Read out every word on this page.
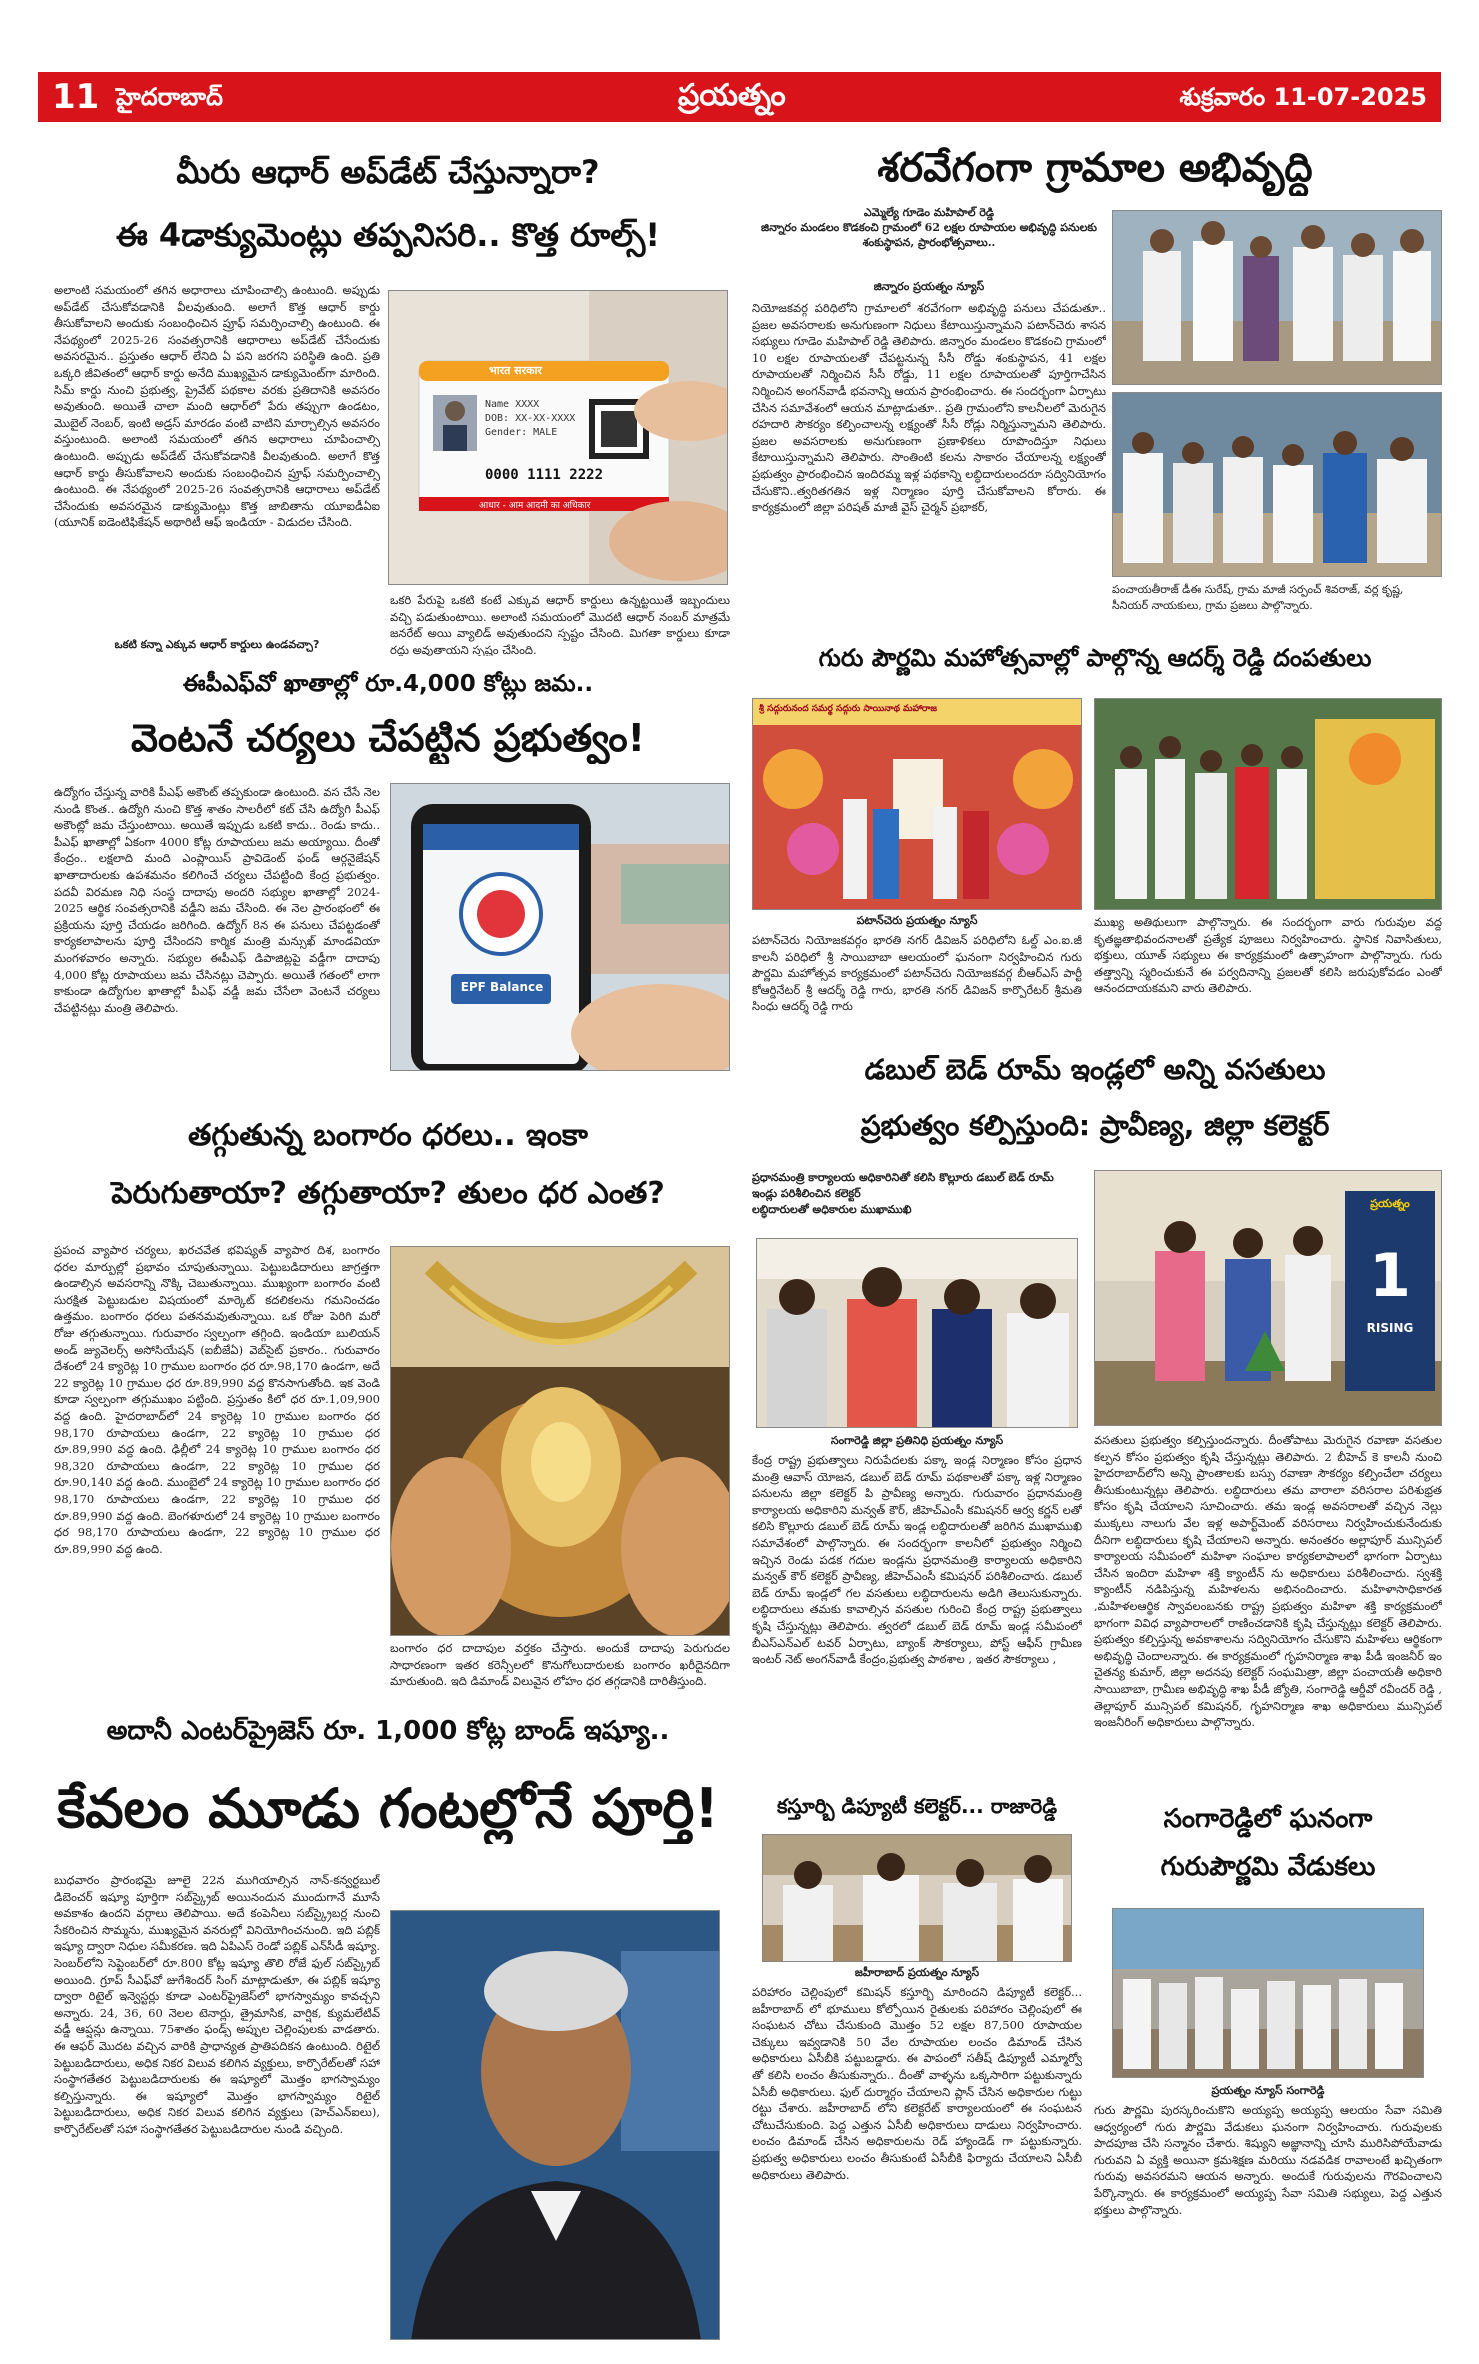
11 హైదరాబాద్	ప్రయత్నం	శుక్రవారం 11-07-2025
మీరు ఆధార్ అప్‌డేట్ చేస్తున్నారా?
ఈ 4డాక్యుమెంట్లు తప్పనిసరి.. కొత్త రూల్స్!
అలాంటి సమయంలో తగిన అధారాలు చూపించాల్సి ఉంటుంది. అప్పుడు అప్‌డేట్ చేసుకోవడానికి వీలవుతుంది. అలాగే కొత్త ఆధార్ కార్డు తీసుకోవాలని అందుకు సంబంధించిన ప్రూఫ్ సమర్పించాల్సి ఉంటుంది. ఈ నేపథ్యంలో 2025-26 సంవత్సరానికి ఆధారాలు అప్‌డేట్ చేసేందుకు అవసరమైన.. ప్రస్తుతం ఆధార్ లేనిది ఏ పని జరగని పరిస్థితి ఉంది. ప్రతి ఒక్కరి జీవితంలో ఆధార్ కార్డు అనేది ముఖ్యమైన డాక్యుమెంట్‌గా మారింది. సిమ్ కార్డు నుంచి ప్రభుత్వ, ప్రైవేట్ పథకాల వరకు ప్రతిదానికి అవసరం అవుతుంది. అయితే చాలా మంది ఆధార్‌లో పేరు తప్పుగా ఉండటం, మొబైల్ నెంబర్, ఇంటి అడ్రస్ మారడం వంటి వాటిని మార్చాల్సిన అవసరం వస్తుంటుంది. అలాంటి సమయంలో తగిన అధారాలు చూపించాల్సి ఉంటుంది. అప్పుడు అప్‌డేట్ చేసుకోవడానికి వీలవుతుంది. అలాగే కొత్త ఆధార్ కార్డు తీసుకోవాలని అందుకు సంబంధించిన ప్రూఫ్ సమర్పించాల్సి ఉంటుంది. ఈ నేపథ్యంలో 2025-26 సంవత్సరానికి ఆధారాలు అప్‌డేట్ చేసేందుకు అవసరమైన డాక్యుమెంట్లు కొత్త జాబితాను యూఐడీఏఐ (యూనిక్ ఐడెంటిఫికేషన్ అథారిటీ ఆఫ్ ఇండియా - విడుదల చేసింది.
ఒకటి కన్నా ఎక్కువ ఆధార్ కార్డులు ఉండవచ్చా?
भारत सरकार
Name XXXX
DOB: XX-XX-XXXX
Gender: MALE
0000 1111 2222
आधार - आम आदमी का अधिकार
ఒకరి పేరుపై ఒకటి కంటే ఎక్కువ ఆధార్ కార్డులు ఉన్నట్టయితే ఇబ్బందులు వచ్చి పడుతుంటాయి. అలాంటి సమయంలో మొదటి ఆధార్ నంబర్ మాత్రమే జనరేట్ అయి వ్యాలిడ్ అవుతుందని స్పష్టం చేసింది. మిగతా కార్డులు కూడా రద్దు అవుతాయని స్పష్టం చేసింది.
ఈపీఎఫ్‌వో ఖాతాల్లో రూ.4,000 కోట్లు జమ..
వెంటనే చర్యలు చేపట్టిన ప్రభుత్వం!
ఉద్యోగం చేస్తున్న వారికి పీఎఫ్ అకౌంట్ తప్పకుండా ఉంటుంది. వస చేసే నెల నుండి కొంత.. ఉద్యోగి నుంచి కొత్త శాతం సాలరీలో కట్ చేసి ఉద్యోగి పీఎఫ్ అకౌంట్లో జమ చేస్తుంటాయి. అయితే ఇప్పుడు ఒకటి కాదు.. రెండు కాదు.. పీఎఫ్ ఖాతాల్లో ఏకంగా 4000 కోట్ల రూపాయలు జమ అయ్యాయి. దీంతో కేంద్రం.. లక్షలాది మంది ఎంప్లాయిస్ ప్రావిడెంట్ ఫండ్ ఆర్గనైజేషన్ ఖాతాదారులకు ఉపశమనం కలిగించే చర్యలు చేపట్టింది కేంద్ర ప్రభుత్వం. పదవీ విరమణ నిధి సంస్థ దాదాపు అందరి సభ్యుల ఖాతాల్లో 2024-2025 ఆర్థిక సంవత్సరానికి వడ్డీని జమ చేసింది. ఈ నెల ప్రారంభంలో ఈ ప్రక్రియను పూర్తి చేయడం జరిగింది. ఉద్యోగ్ 8న ఈ పనులు చేపట్టడంతో కార్యకలాపాలను పూర్తి చేసిందని కార్మిక మంత్రి మన్సుఖ్ మాండవియా మంగళవారం అన్నారు. సభ్యుల ఈపీఎఫ్ డిపాజిట్లపై వడ్డీగా దాదాపు 4,000 కోట్ల రూపాయలు జమ చేసినట్లు చెప్పారు. అయితే గతంలో లాగా కాకుండా ఉద్యోగుల ఖాతాల్లో పీఎఫ్ వడ్డీ జమ చేసేలా వెంటనే చర్యలు చేపట్టినట్లు మంత్రి తెలిపారు.
EPF Balance
తగ్గుతున్న బంగారం ధరలు.. ఇంకా
పెరుగుతాయా? తగ్గుతాయా? తులం ధర ఎంత?
ప్రపంచ వ్యాపార చర్యలు, ఖరచవేత భవిష్యత్ వ్యాపార దిశ, బంగారం ధరల మార్పుల్లో ప్రభావం చూపుతున్నాయి. పెట్టుబడిదారులు జాగ్రత్తగా ఉండాల్సిన అవసరాన్ని నొక్కి చెబుతున్నాయి. ముఖ్యంగా బంగారం వంటి సురక్షిత పెట్టుబడుల విషయంలో మార్కెట్ కదలికలను గమనించడం ఉత్తమం. బంగారం ధరలు పతనమవుతున్నాయి. ఒక రోజు పెరిగి మరో రోజు తగ్గుతున్నాయి. గురువారం స్వల్పంగా తగ్గింది. ఇండియా బులియన్ అండ్ జ్యువెలర్స్ అసోసియేషన్ (ఐబీజేఏ) వెబ్‌సైట్ ప్రకారం.. గురువారం దేశంలో 24 క్యారెట్ల 10 గ్రాముల బంగారం ధర రూ.98,170 ఉండగా, అదే 22 క్యారెట్ల 10 గ్రాముల ధర రూ.89,990 వద్ద కొనసాగుతోంది. ఇక వెండి కూడా స్వల్పంగా తగ్గుముఖం పట్టింది. ప్రస్తుతం కిలో ధర రూ.1,09,900 వద్ద ఉంది. హైదరాబాద్‌లో 24 క్యారెట్ల 10 గ్రాముల బంగారం ధర 98,170 రూపాయలు ఉండగా, 22 క్యారెట్ల 10 గ్రాముల ధర రూ.89,990 వద్ద ఉంది. ఢిల్లీలో 24 క్యారెట్ల 10 గ్రాముల బంగారం ధర 98,320 రూపాయలు ఉండగా, 22 క్యారెట్ల 10 గ్రాముల ధర రూ.90,140 వద్ద ఉంది. ముంబైలో 24 క్యారెట్ల 10 గ్రాముల బంగారం ధర 98,170 రూపాయలు ఉండగా, 22 క్యారెట్ల 10 గ్రాముల ధర రూ.89,990 వద్ద ఉంది. బెంగళూరులో 24 క్యారెట్ల 10 గ్రాముల బంగారం ధర 98,170 రూపాయలు ఉండగా, 22 క్యారెట్ల 10 గ్రాముల ధర రూ.89,990 వద్ద ఉంది.
బంగారం ధర దాదాపుల వర్తకం చేస్తారు. అందుకే దాదాపు పెరుగుదల సాధారణంగా ఇతర కరెన్సీలలో కొనుగోలుదారులకు బంగారం ఖరీదైనదిగా మారుతుంది. ఇది డిమాండ్ విలువైన లోహం ధర తగ్గడానికి దారితీస్తుంది.
అదానీ ఎంటర్‌ప్రైజెస్ రూ. 1,000 కోట్ల బాండ్ ఇష్యూ..
కేవలం మూడు గంటల్లోనే పూర్తి!
బుధవారం ప్రారంభమై జూలై 22న ముగియాల్సిన నాన్-కన్వర్టబుల్ డిబెంచర్ ఇష్యూ పూర్తిగా సబ్‌స్క్రైబ్ అయినందున ముందుగానే మూసే అవకాశం ఉందని వర్గాలు తెలిపాయి. అదే కంపెనీలు సబ్‌స్క్రైబర్ల నుంచి సేకరించిన సొమ్మను, ముఖ్యమైన వనరుల్లో వినియోగించనుంది. ఇది పబ్లిక్ ఇష్యూ ద్వారా నిధుల సమీకరణ. ఇది ఏపిఎస్ రెండో పబ్లిక్ ఎన్‌సీడీ ఇష్యూ. సెంబర్‌లోని సెప్టెంబర్‌లో రూ.800 కోట్ల ఇష్యూ తొలి రోజే ఫుల్ సబ్‌స్క్రైబ్ అయింది. గ్రూప్ సీఎఫ్‌వో జుగేశిందర్ సింగ్ మాట్లాడుతూ, ఈ పబ్లిక్ ఇష్యూ ద్వారా రిటైల్ ఇన్వెస్టర్లు కూడా ఎంటర్‌ప్రైజెస్‌లో భాగస్వామ్యం కావచ్చని అన్నారు. 24, 36, 60 నెలల టెనార్లు, త్రైమాసిక, వార్షిక, క్యుమలేటివ్ వడ్డీ ఆప్షన్లు ఉన్నాయి. 75శాతం ఫండ్స్ అప్పుల చెల్లింపులకు వాడతారు. ఈ ఆఫర్ మొదట వచ్చిన వారికి ప్రాధాన్యత ప్రాతిపదికన ఉంటుంది. రిటైల్ పెట్టుబడిదారులు, అధిక నికర విలువ కలిగిన వ్యక్తులు, కార్పొరేట్‌లతో సహా సంస్థాగతేతర పెట్టుబడిదారులకు ఈ ఇష్యూలో మొత్తం భాగస్వామ్యం కల్పిస్తున్నారు. ఈ ఇష్యూలో మొత్తం భాగస్వామ్యం రిటైల్ పెట్టుబడిదారులు, అధిక నికర విలువ కలిగిన వ్యక్తులు (హెచ్‌ఎన్‌ఐలు), కార్పొరేట్‌లతో సహా సంస్థాగతేతర పెట్టుబడిదారుల నుండి వచ్చింది.
శరవేగంగా గ్రామాల అభివృద్ధి
ఎమ్మెల్యే గూడెం మహిపాల్ రెడ్డి
జిన్నారం మండలం కొడకంచి గ్రామంలో 62 లక్షల రూపాయల అభివృద్ధి పనులకు శంకుస్థాపన, ప్రారంభోత్సవాలు..
జిన్నారం ప్రయత్నం న్యూస్
నియోజకవర్గ పరిధిలోని గ్రామాలలో శరవేగంగా అభివృద్ధి పనులు చేపడుతూ.. ప్రజల అవసరాలకు అనుగుణంగా నిధులు కేటాయిస్తున్నామని పటాన్‌చెరు శాసన సభ్యులు గూడెం మహిపాల్ రెడ్డి తెలిపారు. జిన్నారం మండలం కొడకంచి గ్రామంలో 10 లక్షల రూపాయలతో చేపట్టనున్న సీసీ రోడ్డు శంకుస్థాపన, 41 లక్షల రూపాయలతో నిర్మించిన సీసీ రోడ్డు, 11 లక్షల రూపాయలతో పూర్తిగాచేసిన నిర్మించిన అంగన్‌వాడీ భవనాన్ని ఆయన ప్రారంభించారు. ఈ సందర్భంగా ఏర్పాటు చేసిన సమావేశంలో ఆయన మాట్లాడుతూ.. ప్రతి గ్రామంలోని కాలనీలలో మెరుగైన రహదారి సౌకర్యం కల్పించాలన్న లక్ష్యంతో సీసీ రోడ్లు నిర్మిస్తున్నామని తెలిపారు. ప్రజల అవసరాలకు అనుగుణంగా ప్రణాళికలు రూపొందిస్తూ నిధులు కేటాయిస్తున్నామని తెలిపారు. సొంతింటి కలను సాకారం చేయాలన్న లక్ష్యంతో ప్రభుత్వం ప్రారంభించిన ఇందిరమ్మ ఇళ్ల పథకాన్ని లబ్ధిదారులందరూ సద్వినియోగం చేసుకొని..త్వరితగతిన ఇళ్ల నిర్మాణం పూర్తి చేసుకోవాలని కోరారు. ఈ కార్యక్రమంలో జిల్లా పరిషత్ మాజీ వైస్ చైర్మన్ ప్రభాకర్,
పంచాయతీరాజ్ డీఈ సురేష్, గ్రామ మాజీ సర్పంచ్ శివరాజ్, వర్ల కృష్ణ, సీనియర్ నాయకులు, గ్రామ ప్రజలు పాల్గొన్నారు.
గురు పౌర్ణమి మహోత్సవాల్లో పాల్గొన్న ఆదర్శ్ రెడ్డి దంపతులు
శ్రీ సద్గురునంద సమర్థ సద్గురు సాయినాథ మహారాజ
పటాన్‌చెరు ప్రయత్నం న్యూస్
పటాన్‌చెరు నియోజకవర్గం భారతి నగర్ డివిజన్ పరిధిలోని ఓల్డ్ ఎం.ఐ.జీ కాలనీ పరిధిలో శ్రీ సాయిబాబా ఆలయంలో ఘనంగా నిర్వహించిన గురు పౌర్ణమి మహోత్సవ కార్యక్రమంలో పటాన్‌చెరు నియోజకవర్గ బీఆర్‌ఎస్ పార్టీ కోఆర్డినేటర్ శ్రీ ఆదర్శ్ రెడ్డి గారు, భారతి నగర్ డివిజన్ కార్పొరేటర్ శ్రీమతి సింధు ఆదర్శ్ రెడ్డి గారు
ముఖ్య అతిథులుగా పాల్గొన్నారు. ఈ సందర్భంగా వారు గురువుల వద్ద కృతజ్ఞతాభివందనాలతో ప్రత్యేక పూజలు నిర్వహించారు. స్థానిక నివాసితులు, భక్తులు, యూత్ సభ్యులు ఈ కార్యక్రమంలో ఉత్సాహంగా పాల్గొన్నారు. గురు తత్త్వాన్ని స్మరించుకునే ఈ పర్వదినాన్ని ప్రజలతో కలిసి జరుపుకోవడం ఎంతో ఆనందదాయకమని వారు తెలిపారు.
డబుల్ బెడ్ రూమ్ ఇండ్లలో అన్ని వసతులు
ప్రభుత్వం కల్పిస్తుంది: ప్రావీణ్య, జిల్లా కలెక్టర్
ప్రధానమంత్రి కార్యాలయ అధికారినితో కలిసి కొల్లూరు డబుల్ బెడ్ రూమ్ ఇండ్లు పరిశీలించిన కలెక్టర్
లబ్ధిదారులతో అధికారుల ముఖాముఖి	ప్రయత్నం
1
RISING
సంగారెడ్డి జిల్లా ప్రతినిధి ప్రయత్నం న్యూస్
కేంద్ర రాష్ట్ర ప్రభుత్వాలు నిరుపేదలకు పక్కా ఇండ్ల నిర్మాణం కోసం ప్రధాన మంత్రి ఆవాస్ యోజన, డబుల్ బెడ్ రూమ్ పథకాలతో పక్కా ఇళ్ల నిర్మాణం పనులను జిల్లా కలెక్టర్ పి ప్రావీణ్య అన్నారు. గురువారం ప్రధానమంత్రి కార్యాలయ అధికారిని మన్వత్ కౌర్, జీహెచ్ఎంసీ కమిషనర్ ఆర్వ కర్ణన్ లతో కలిసి కొల్లూరు డబుల్ బెడ్ రూమ్ ఇండ్ల లబ్ధిదారులతో జరిగిన ముఖాముఖి సమావేశంలో పాల్గొన్నారు. ఈ సందర్భంగా కాలనీలో ప్రభుత్వం నిర్మించి ఇచ్చిన రెండు పడక గదుల ఇండ్లను ప్రధానమంత్రి కార్యాలయ అధికారిని మన్వత్ కౌర్ కలెక్టర్ ప్రావీణ్య, జీహెచ్ఎంసీ కమిషనర్ పరిశీలించారు. డబుల్ బెడ్ రూమ్ ఇండ్లలో గల వసతులు లబ్ధిదారులను అడిగి తెలుసుకున్నారు. లబ్ధిదారులు తమకు కావాల్సిన వసతుల గురించి కేంద్ర రాష్ట్ర ప్రభుత్వాలు కృషి చేస్తున్నట్లు తెలిపారు. త్వరలో డబుల్ బెడ్ రూమ్ ఇండ్ల సమీపంలో బీఎస్ఎన్ఎల్ టవర్ ఏర్పాటు, బ్యాంక్ సౌకర్యాలు, పోస్ట్ ఆఫీస్ గ్రామీణ ఇంటర్ నెట్ అంగన్‌వాడీ కేంద్రం,ప్రభుత్వ పాఠశాల , ఇతర సౌకర్యాలు ,
వసతులు ప్రభుత్వం కల్పిస్తుందన్నారు. దీంతోపాటు మెరుగైన రవాణా వసతుల కల్పన కోసం ప్రభుత్వం కృషి చేస్తున్నట్లు తెలిపారు. 2 బీహెచ్ కె కాలనీ నుంచి హైదరాబాద్‌లోని అన్ని ప్రాంతాలకు బస్సు రవాణా సౌకర్యం కల్పించేలా చర్యలు తీసుకుంటున్నట్లు తెలిపారు. లబ్ధిదారులు తమ వారాలా వరిసరాల పరిశుభ్రత కోసం కృషి చేయాలని సూచించారు. తమ ఇండ్ల అవసరాలతో వచ్చిన నెల్లు ముక్కలు నాలుగు వేల ఇళ్ల అపార్ట్‌మెంట్ వరిసరాలు నిర్వహించుకునేందుకు దీనిగా లబ్ధిదారులు కృషి చేయాలని అన్నారు. అనంతరం అల్లాపూర్ మున్సిపల్ కార్యాలయ సమీపంలో మహిళా సంఘాల కార్యకలాపాలలో భాగంగా ఏర్పాటు చేసిన ఇందిరా మహిళా శక్తి క్యాంటీన్ ను అధికారులు పరిశీలించారు. స్వశక్తి క్యాంటీన్ నడిపిస్తున్న మహిళలను అభినందించారు. మహిళాసాధికారత ,మహిళలఆర్థిక స్వావలంబనకు రాష్ట్ర ప్రభుత్వం మహిళా శక్తి కార్యక్రమంలో భాగంగా వివిధ వ్యాపారాలలో రాణించడానికి కృషి చేస్తున్నట్లు కలెక్టర్ తెలిపారు. ప్రభుత్వం కల్పిస్తున్న అవకాశాలను సద్వినియోగం చేసుకొని మహిళలు ఆర్థికంగా అభివృద్ధి చెందాలన్నారు. ఈ కార్యక్రమంలో గృహనిర్మాణ శాఖ పీడీ ఇంజనీర్ ఇం చైతన్య కుమార్, జిల్లా అదనపు కలెక్టర్ సంఘమిత్రా, జిల్లా పంచాయతీ అధికారి సాయిబాబా, గ్రామీణ అభివృద్ధి శాఖ పీడీ జ్యోతి, సంగారెడ్డి ఆర్డీవో రవీందర్ రెడ్డి , తెల్లాపూర్ మున్సిపల్ కమిషనర్, గృహనిర్మాణ శాఖ అధికారులు మున్సిపల్ ఇంజనీరింగ్ అధికారులు పాల్గొన్నారు.
కస్తూర్బి డిప్యూటీ కలెక్టర్... రాజారెడ్డి
జహీరాబాద్ ప్రయత్నం న్యూస్
పరిహారం చెల్లింపులో కమిషన్ కస్తూర్బి మారిందని డిప్యూటీ కలెక్టర్... జహీరాబాద్ లో భూములు కోల్పోయిన రైతులకు పరిహారం చెల్లింపులో ఈ సంఘటన చోటు చేసుకుంది మొత్తం 52 లక్షల 87,500 రూపాయల చెక్కులు ఇవ్వడానికి 50 వేల రూపాయల లంచం డిమాండ్ చేసిన అధికారులు ఏసీబీకి పట్టుబడ్డారు. ఈ పాపంలో సతీష్ డిప్యూటీ ఎమ్మార్వో తో కలిసి లంచం తీసుకున్నారు.. దీంతో వాళ్ళను ఒక్కసారిగా పట్టుకున్నారు ఏసీబీ అధికారులు. ఫుల్ దుర్మార్గం చేయాలని ప్లాన్ చేసిన అధికారుల గుట్టు రట్టు చేశారు. జహీరాబాద్ లోని కలెక్టరేట్ కార్యాలయంలో ఈ సంఘటన చోటుచేసుకుంది. పెద్ద ఎత్తున ఏసీబీ అధికారులు దాడులు నిర్వహించారు. లంచం డిమాండ్ చేసిన అధికారులను రెడ్ హ్యాండెడ్ గా పట్టుకున్నారు. ప్రభుత్వ అధికారులు లంచం తీసుకుంటే ఏసీబీకి ఫిర్యాదు చేయాలని ఏసీబీ అధికారులు తెలిపారు.
సంగారెడ్డిలో ఘనంగా
గురుపౌర్ణమి వేడుకలు
ప్రయత్నం న్యూస్ సంగారెడ్డి
గురు పౌర్ణమి పురస్కరించుకొని అయ్యప్ప అయ్యప్ప ఆలయం సేవా సమితి ఆధ్వర్యంలో గురు పౌర్ణమి వేడుకలు ఘనంగా నిర్వహించారు. గురువులకు పాదపూజ చేసి సన్మానం చేశారు. శిష్యుని అజ్ఞానాన్ని చూసి మురిసిపోయేవాడు గురువని ఏ వ్యక్తి అయినా క్రమశిక్షణ మరియు నడవడిక రావాలంటే ఖచ్చితంగా గురువు అవసరమని ఆయన అన్నారు. అందుకే గురువులను గౌరవించాలని పేర్కొన్నారు. ఈ కార్యక్రమంలో అయ్యప్ప సేవా సమితి సభ్యులు, పెద్ద ఎత్తున భక్తులు పాల్గొన్నారు.
